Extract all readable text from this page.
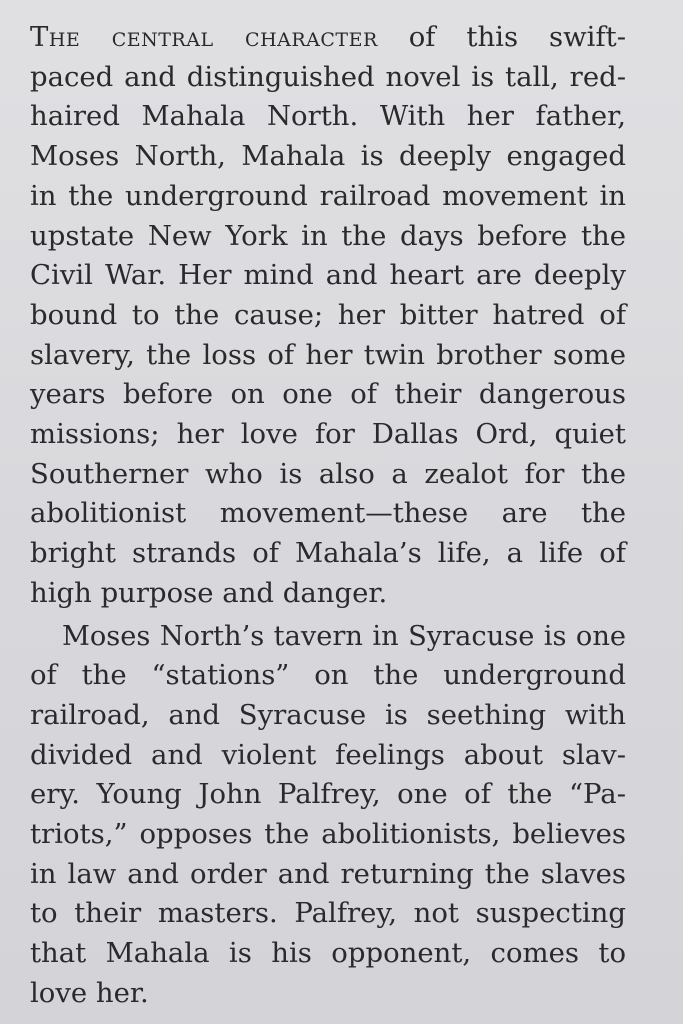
The central character of this swift-
paced and distinguished novel is tall, red-
haired Mahala North. With her father,
Moses North, Mahala is deeply engaged
in the underground railroad movement in
upstate New York in the days before the
Civil War. Her mind and heart are deeply
bound to the cause; her bitter hatred of
slavery, the loss of her twin brother some
years before on one of their dangerous
missions; her love for Dallas Ord, quiet
Southerner who is also a zealot for the
abolitionist movement—these are the
bright strands of Mahala’s life, a life of
high purpose and danger.

Moses North’s tavern in Syracuse is one
of the “stations” on the underground
railroad, and Syracuse is seething with
divided and violent feelings about slav-
ery. Young John Palfrey, one of the “Pa-
triots,” opposes the abolitionists, believes
in law and order and returning the slaves
to their masters. Palfrey, not suspecting
that Mahala is his opponent, comes to
love her.
